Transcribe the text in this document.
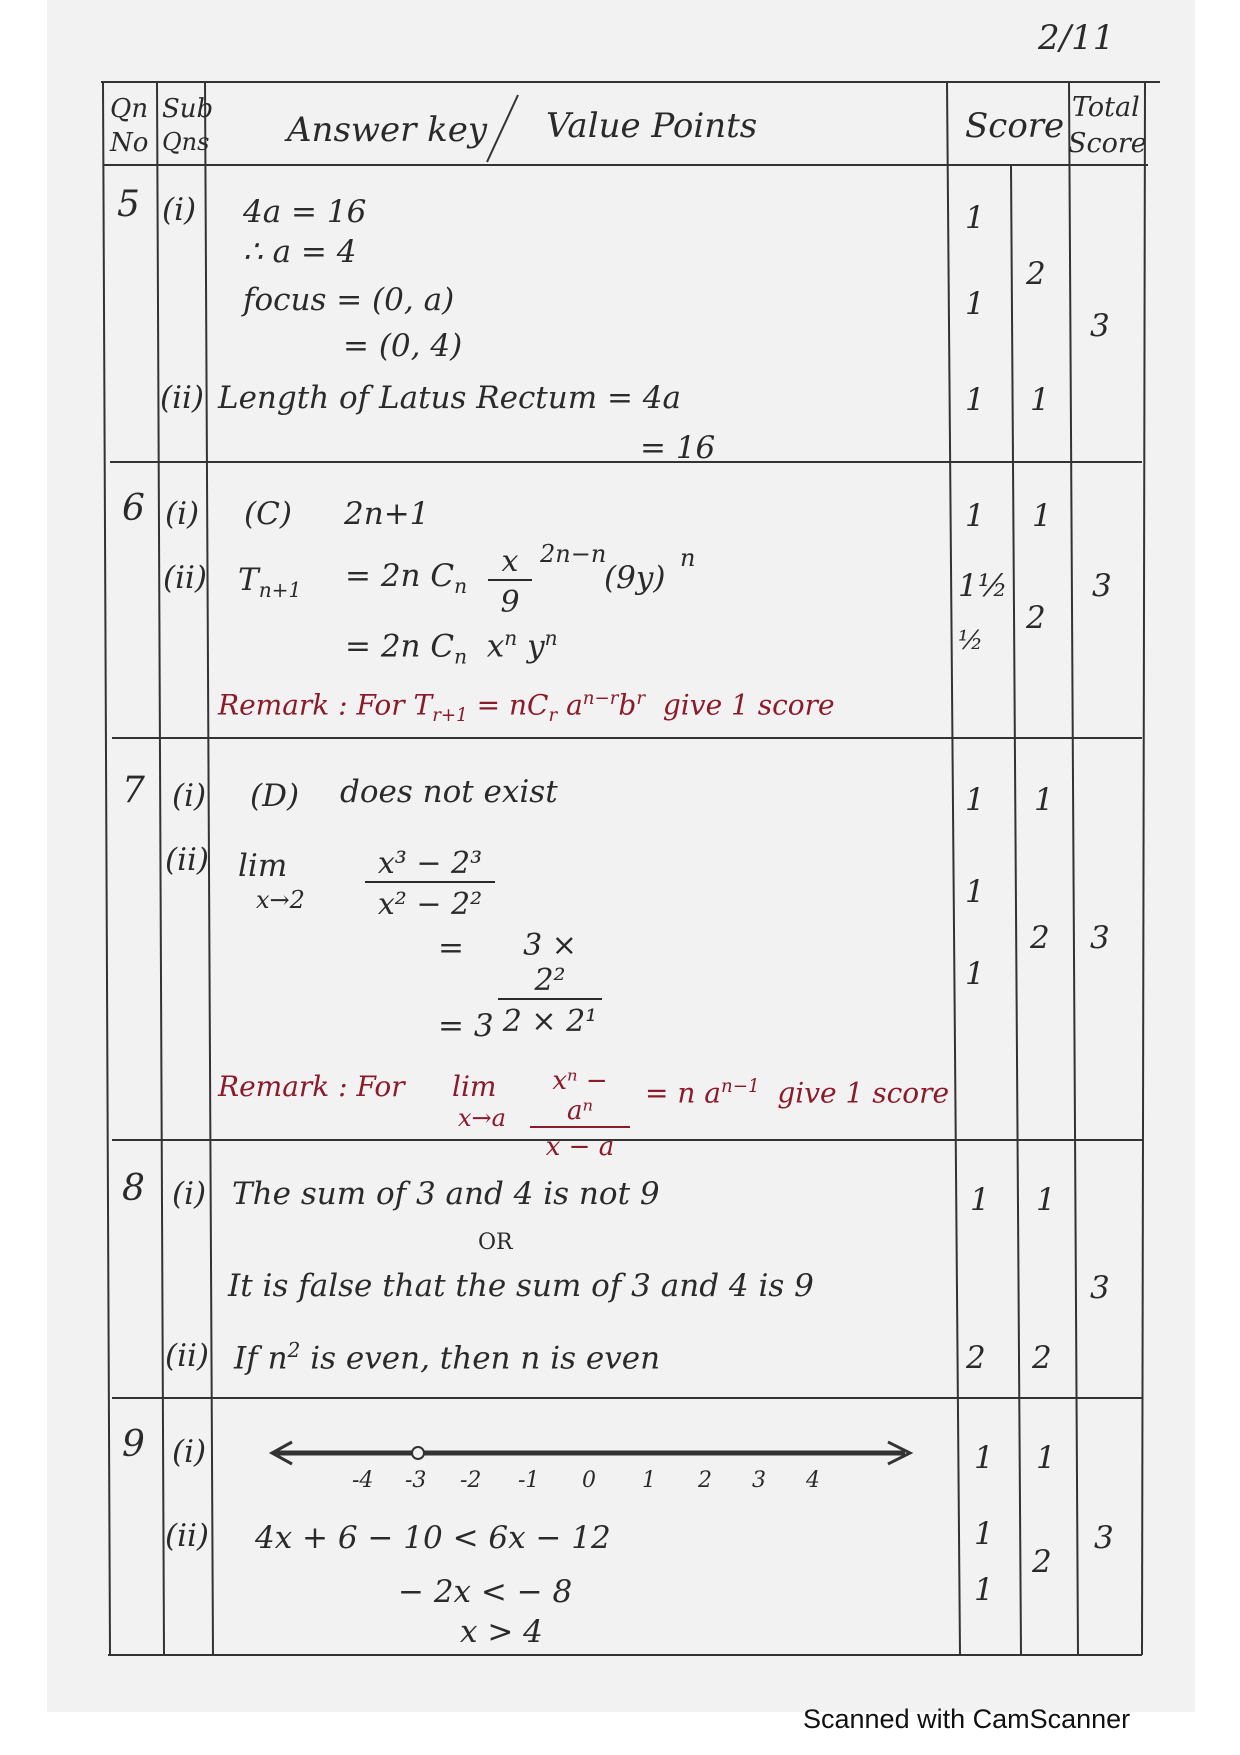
2/11
Qn
No
Sub
Qns Answer key Value Points	Score Total
Score
5 (i) 4a = 16
∴ a = 4
focus = (0, a)
= (0, 4)
(ii) Length of Latus Rectum = 4a
= 16
1
1
2
3
1 1
6 (i) (C) 2n+1
(ii) $T_{n+1} = 2n$ $C_n \frac{x}{9} 2n-n$
(9y)
n
= 2n $C_n$ $x^n$ $y^n$
Remark : For $T_{r+1} = nC_r$ $a^{n-r}b^r$ give 1 score
1 1
1½
½
2
3
7 (i) (D) does not exist
(ii) lim
$x\to 2 \frac{\text{x³ − 2³}}{\text{x² − 2²}}$
= $\frac{\text{3 × 2²}}{\text{2 × 2¹}}$
= 3
Remark : For lim
$x\to a \frac{\text{xⁿ − aⁿ}}{x - a} = n$ $a^{n-1}$ give 1 score
1 1
1
1
2 3
8 (i) The sum of 3 and 4 is not 9
OR
It is false that the sum of 3 and 4 is 9
(ii) If $n^2$ is even, then n is even
1 1
3
2 2
9 (i)
-4 -3 -2 -1 0 1 2 3 4
(ii) 4x + 6 − 10 < 6x − 12
− 2x < − 8
x > 4
1 1
1
1
2
3
Scanned with CamScanner
